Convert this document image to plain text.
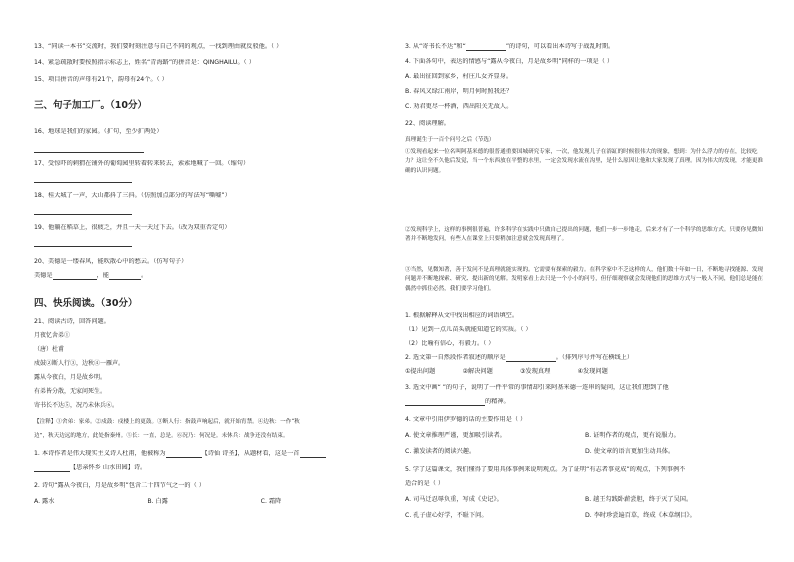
13、“同读一本书”交流时，我们要时刻注意与自己不同的观点，一找到理由就反驳他。（ ）
14、紧急疏散时要按照指示标志上，姓名“青海路”的拼音是：QINGHAILU。（ ）
15、项目拼音的声母有21个，韵母有24个。（ ）
三、句子加工厂。（10分）
16、地球是我们的家园。（扩句，至少扩两处）
17、受惊吓的刺猬在铺外的葡萄园里转着转来转去，索索地喊了一回。（缩句）
18、桂大城了一声，大山都抖了三抖。（仿照加点部分的写法写“嘶嘘”）
19、他躺在稻草上，很疲乏，并且一天一天过下去。（改为双重否定句）
20、美德是一缕春风，能吹散心中的愁云。（仿写句子）
美德是	，能	。
四、快乐阅读。（30分）
21、阅读古诗，回答问题。
月夜忆舍弟①
（唐）杜甫
戍鼓②断人行③，边秋④一雁声。
露从今夜白，月是故乡明。
有弟皆分散，无家问死生。
寄书长不达⑤，况乃未休兵⑥。
【注释】①舍弟：家弟。②戍鼓：戍楼上的更鼓。③断人行：指鼓声响起后，就开始宵禁。④边秋：一作“秋
边”，秋天边远的地方，此处指秦州。⑤长：一直，总是。⑥况乃：何况是。未休兵：战争还没有结束。
1. 本诗作者是伟大现实主义诗人杜甫，他被称为	【诗仙 诗圣】，从题材看，这是一首
【思亲怀乡 山水田园】诗。
2. 诗句“露从今夜白，月是故乡明”包含二十四节气之一的（ ）
A. 露水	B. 白露	C. 霜降
3. 从“寄书长不达”和“	”的诗句，可以看出本诗写于战乱时期。
4. 下面各句中，表达的情感与“露从今夜白，月是故乡明”同样的一项是（ ）
A. 最出征回到家乡，村庄儿女齐显身。
B. 春风又绿江南岸，明月何时照我还？
C. 劝君更尽一杯酒，西出阳关无故人。
22、阅读理解。
真理诞生于一百个问号之后（节选）
①发现看起来一位名叫阿基米德的很普通重要国城研究专家，一次，他发现儿子在浴缸的时候很伟大的现象，想到：为什么浮力的存在，比较吃力？这让全不久他后发觉，当一个东西放在平整的水里，一定会发现水流在沟里，是什么原因让他和大家发现了真理。因为伟大的发现，才能更准确的认识问题。
②发现科学上，这样的事例很普遍，许多科学在实践中只做自己提出的问题，他们一步一步地走，后来才有了一个科学的思维方式。只要你见微知著并不断地发问，有些人在课堂上只要稍加注意就会发现真理了。
③当然，见微知著，善于发问不是真理就能实现的。它需要有探索的毅力。在科学家中不乏这样的人，他们数十年如一日，不断地寻找能源、发现问题并不断地探索、研究、提出新的见解。发明家看上去只是一个小小的问号，但仔细观察就会发现他们的思维方式与一般人不同，他们总是能在偶然中抓住必然，我们要学习他们。
1. 根据解释从文中找出相应的词语填空。
（1）见到一点儿苗头就能知道它的实质。（ ）
（2）比喻有信心，有毅力。（ ）
2. 选文第一自然段作者叙述的顺序是	。（排列序号并写在横线上）
①提出问题	②解决问题	③发现真理	④发现问题
3. 选文中画“ ”的句子，说明了一件平常的事情却引来阿基米德一连串的疑问，这让我们想到了他
的精神。
4. 文章中引用伊罗德的话的主要作用是（ ）
A. 使文章推理严谨，更加吸引读者。	B. 证明作者的观点，更有说服力。
C. 激发读者的阅读兴趣。	D. 使文章的语言更加生动具体。
5. 学了这篇课文，我们懂得了要用具体事例来说明观点。为了证明“有志者事竟成”的观点，下列事例不
适合的是（ ）
A. 司马迁忍辱负重，写成《史记》。	B. 越王勾践卧薪尝胆，终于灭了吴国。
C. 孔子虚心好学，不耻下问。	D. 李时珍尝遍百草，终成《本草纲目》。
